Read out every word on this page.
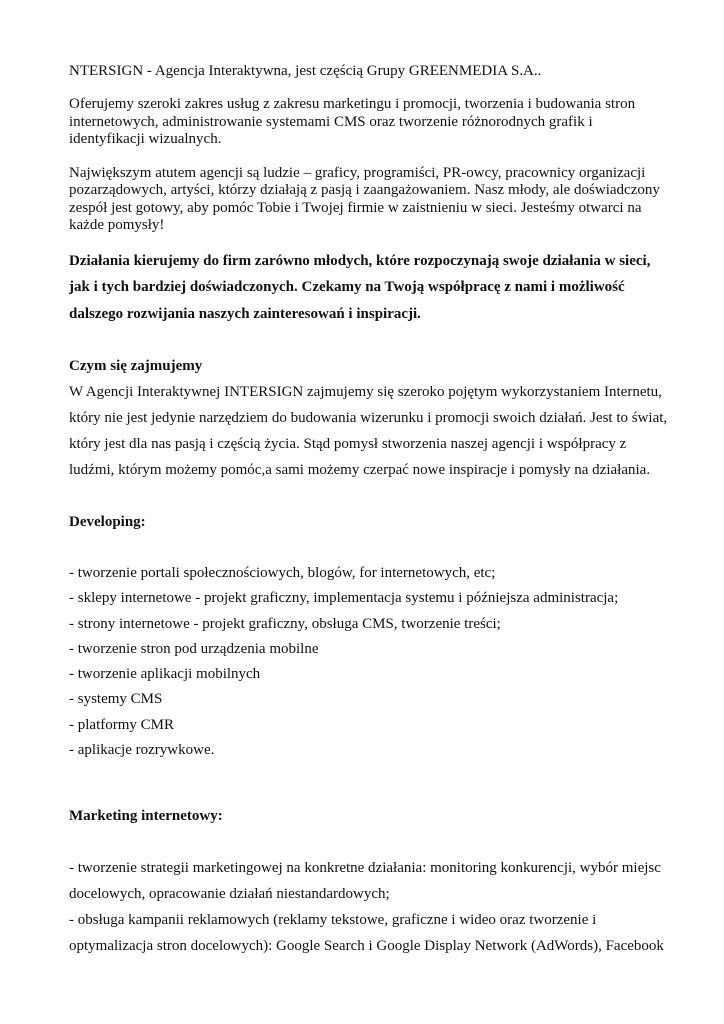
NTERSIGN - Agencja Interaktywna, jest częścią Grupy GREENMEDIA S.A..

Oferujemy szeroki zakres usług z zakresu marketingu i promocji, tworzenia i budowania stron internetowych, administrowanie systemami CMS oraz tworzenie różnorodnych grafik i identyfikacji wizualnych.

Największym atutem agencji są ludzie – graficy, programiści, PR-owcy, pracownicy organizacji pozarządowych, artyści, którzy działają z pasją i zaangażowaniem. Nasz młody, ale doświadczony zespół jest gotowy, aby pomóc Tobie i Twojej firmie w zaistnieniu w sieci. Jesteśmy otwarci na każde pomysły!

Działania kierujemy do firm zarówno młodych, które rozpoczynają swoje działania w sieci, jak i tych bardziej doświadczonych. Czekamy na Twoją współpracę z nami i możliwość dalszego rozwijania naszych zainteresowań i inspiracji.

Czym się zajmujemy

W Agencji Interaktywnej INTERSIGN zajmujemy się szeroko pojętym wykorzystaniem Internetu, który nie jest jedynie narzędziem do budowania wizerunku i promocji swoich działań. Jest to świat, który jest dla nas pasją i częścią życia. Stąd pomysł stworzenia naszej agencji i współpracy z ludźmi, którym możemy pomóc,a sami możemy czerpać nowe inspiracje i pomysły na działania.

Developing:

- tworzenie portali społecznościowych, blogów, for internetowych, etc;
- sklepy internetowe - projekt graficzny, implementacja systemu i późniejsza administracja;
- strony internetowe - projekt graficzny, obsługa CMS, tworzenie treści;
- tworzenie stron pod urządzenia mobilne
- tworzenie aplikacji mobilnych
- systemy CMS
- platformy CMR
- aplikacje rozrywkowe.

Marketing internetowy:

- tworzenie strategii marketingowej na konkretne działania: monitoring konkurencji, wybór miejsc docelowych, opracowanie działań niestandardowych;

- obsługa kampanii reklamowych (reklamy tekstowe, graficzne i wideo oraz tworzenie i optymalizacja stron docelowych): Google Search i Google Display Network (AdWords), Facebook
